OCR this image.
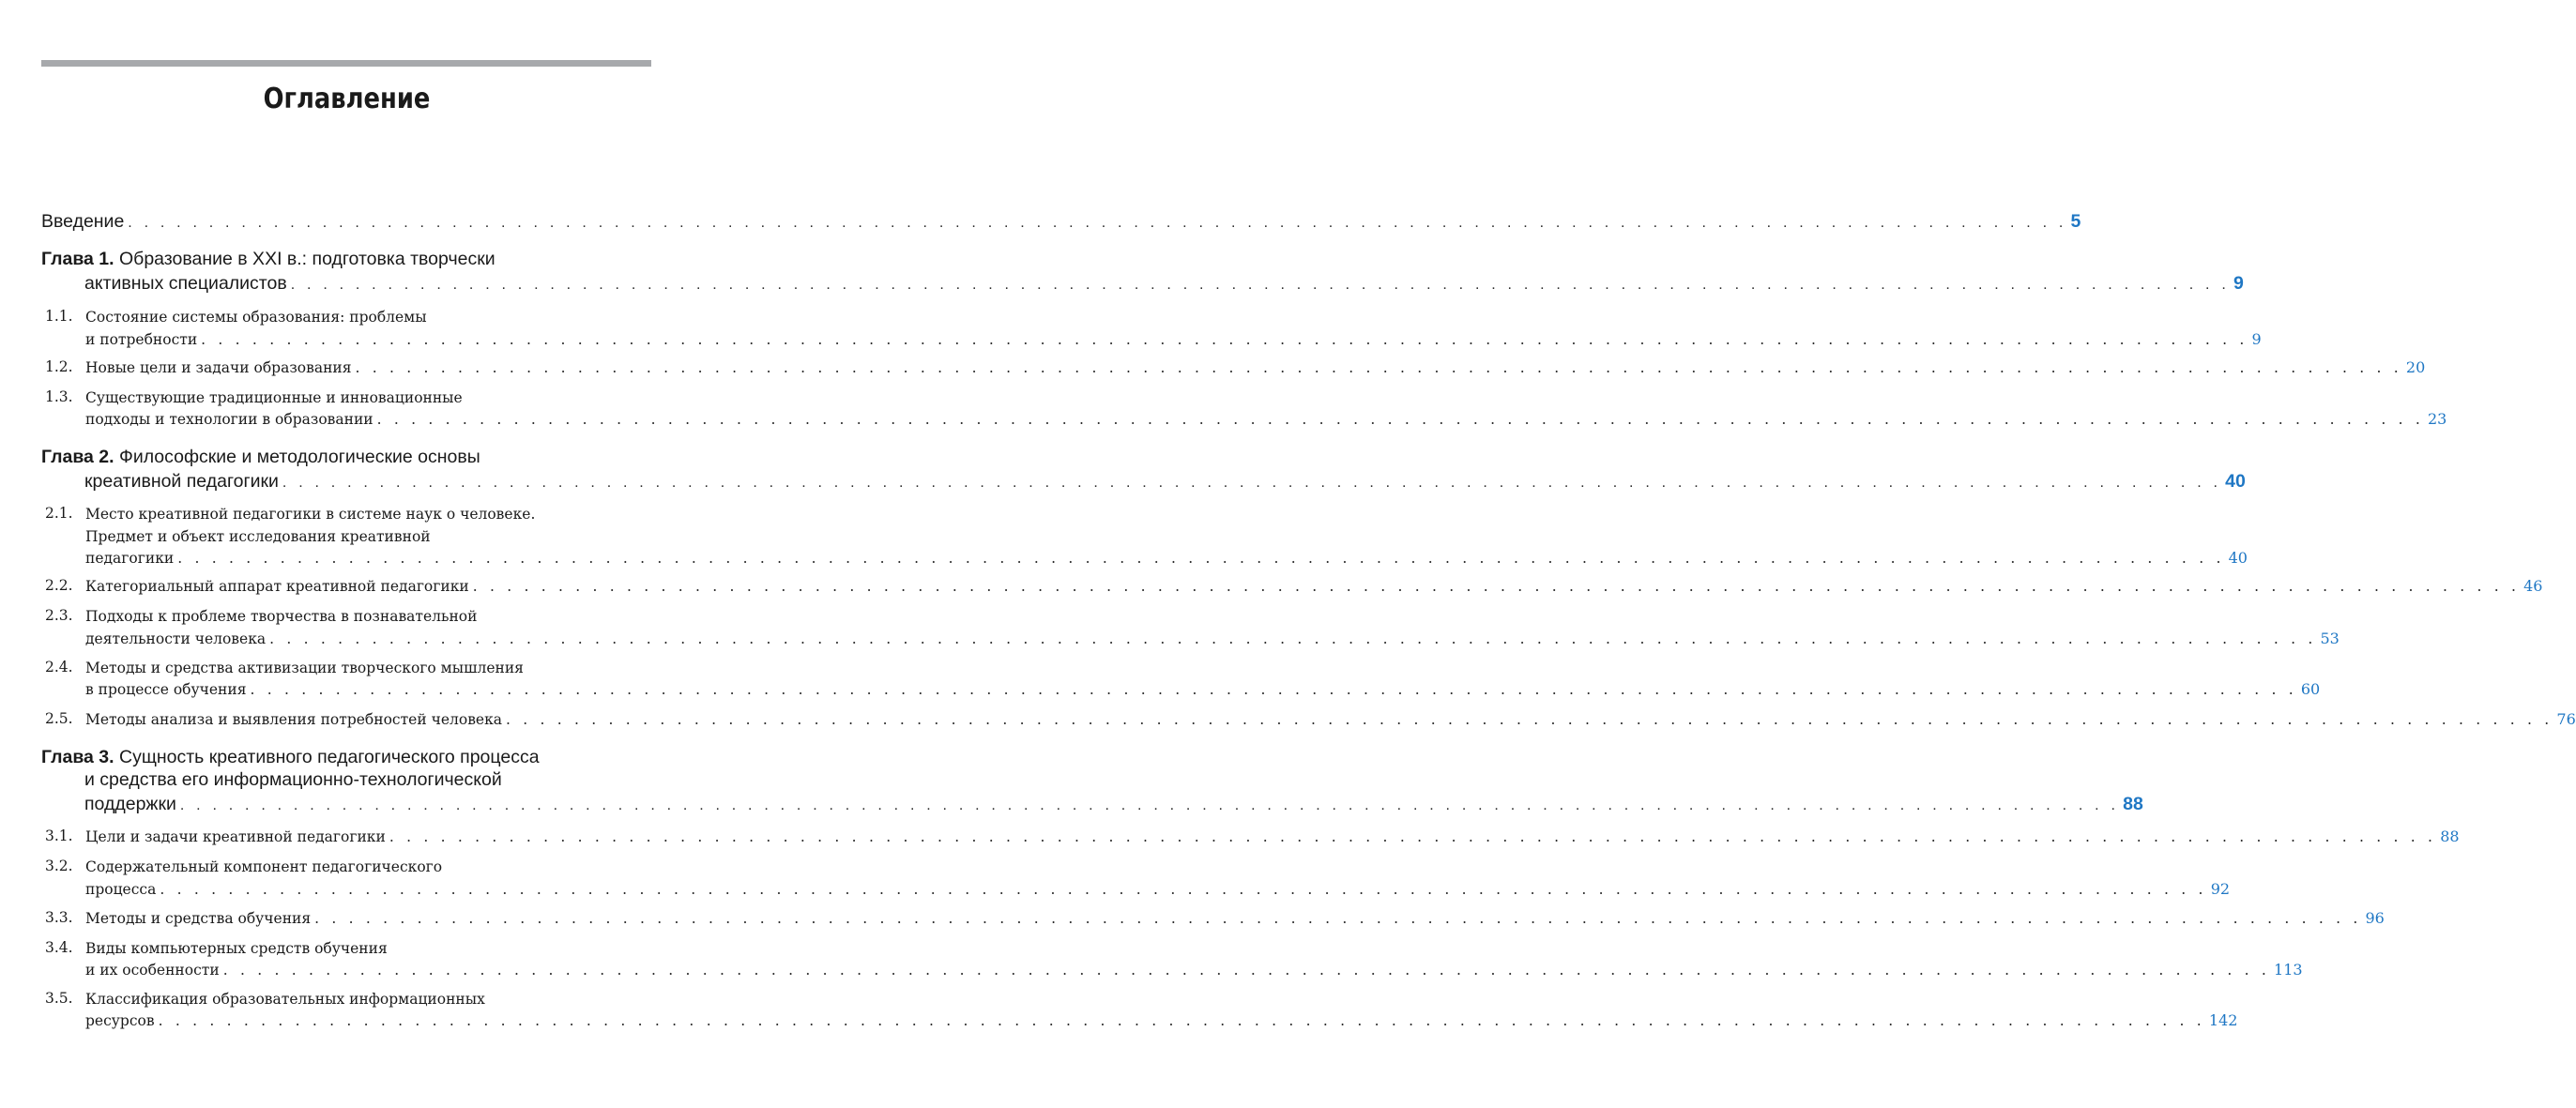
Оглавление
Введение . . . . . . . . . . . . . . . . . . . . . . . . . . . . . . . . . . . . . . . . . . . . . . . . . . . . . . . . . . . . . . . . . . . . . . . . . . . . . . . . . . . . . . . . . . . . . . . . . . . . . . . . . . . . . . . . . . . . . . . . 5
Глава 1. Образование в XXI в.: подготовка творчески
активных специалистов . . . . . . . . . . . . . . . . . . . . . . . . . . . . . . . . . . . . . . . . . . . . . . . . . . . . . . . . . . . . . . . . . . . . . . . . . . . . . . . . . . . . . . . . . . . . . . . . . . . . . . . . . . . . . . . . . . . . . . . . 9
1.1. Состояние системы образования: проблемы
и потребности . . . . . . . . . . . . . . . . . . . . . . . . . . . . . . . . . . . . . . . . . . . . . . . . . . . . . . . . . . . . . . . . . . . . . . . . . . . . . . . . . . . . . . . . . . . . . . . . . . . . . . . . . . . . . . . . . . . . . . . . 9
1.2. Новые цели и задачи образования . . . . . . . . . . . . . . . . . . . . . . . . . . . . . . . . . . . . . . . . . . . . . . . . . . . . . . . . . . . . . . . . . . . . . . . . . . . . . . . . . . . . . . . . . . . . . . . . . . . . . . . . . . . . . . . . . . . . . . . . 20
1.3. Существующие традиционные и инновационные
подходы и технологии в образовании . . . . . . . . . . . . . . . . . . . . . . . . . . . . . . . . . . . . . . . . . . . . . . . . . . . . . . . . . . . . . . . . . . . . . . . . . . . . . . . . . . . . . . . . . . . . . . . . . . . . . . . . . . . . . . . . . . . . . . . . 23
Глава 2. Философские и методологические основы
креативной педагогики . . . . . . . . . . . . . . . . . . . . . . . . . . . . . . . . . . . . . . . . . . . . . . . . . . . . . . . . . . . . . . . . . . . . . . . . . . . . . . . . . . . . . . . . . . . . . . . . . . . . . . . . . . . . . . . . . . . . . . . . 40
2.1. Место креативной педагогики в системе наук о человеке.
Предмет и объект исследования креативной
педагогики . . . . . . . . . . . . . . . . . . . . . . . . . . . . . . . . . . . . . . . . . . . . . . . . . . . . . . . . . . . . . . . . . . . . . . . . . . . . . . . . . . . . . . . . . . . . . . . . . . . . . . . . . . . . . . . . . . . . . . . . 40
2.2. Категориальный аппарат креативной педагогики . . . . . . . . . . . . . . . . . . . . . . . . . . . . . . . . . . . . . . . . . . . . . . . . . . . . . . . . . . . . . . . . . . . . . . . . . . . . . . . . . . . . . . . . . . . . . . . . . . . . . . . . . . . . . . . . . . . . . . . . 46
2.3. Подходы к проблеме творчества в познавательной
деятельности человека . . . . . . . . . . . . . . . . . . . . . . . . . . . . . . . . . . . . . . . . . . . . . . . . . . . . . . . . . . . . . . . . . . . . . . . . . . . . . . . . . . . . . . . . . . . . . . . . . . . . . . . . . . . . . . . . . . . . . . . . 53
2.4. Методы и средства активизации творческого мышления
в процессе обучения . . . . . . . . . . . . . . . . . . . . . . . . . . . . . . . . . . . . . . . . . . . . . . . . . . . . . . . . . . . . . . . . . . . . . . . . . . . . . . . . . . . . . . . . . . . . . . . . . . . . . . . . . . . . . . . . . . . . . . . . 60
2.5. Методы анализа и выявления потребностей человека . . . . . . . . . . . . . . . . . . . . . . . . . . . . . . . . . . . . . . . . . . . . . . . . . . . . . . . . . . . . . . . . . . . . . . . . . . . . . . . . . . . . . . . . . . . . . . . . . . . . . . . . . . . . . . . . . . . . . . . . 76
Глава 3. Сущность креативного педагогического процесса
и средства его информационно-технологической
поддержки . . . . . . . . . . . . . . . . . . . . . . . . . . . . . . . . . . . . . . . . . . . . . . . . . . . . . . . . . . . . . . . . . . . . . . . . . . . . . . . . . . . . . . . . . . . . . . . . . . . . . . . . . . . . . . . . . . . . . . . . 88
3.1. Цели и задачи креативной педагогики . . . . . . . . . . . . . . . . . . . . . . . . . . . . . . . . . . . . . . . . . . . . . . . . . . . . . . . . . . . . . . . . . . . . . . . . . . . . . . . . . . . . . . . . . . . . . . . . . . . . . . . . . . . . . . . . . . . . . . . . 88
3.2. Содержательный компонент педагогического
процесса . . . . . . . . . . . . . . . . . . . . . . . . . . . . . . . . . . . . . . . . . . . . . . . . . . . . . . . . . . . . . . . . . . . . . . . . . . . . . . . . . . . . . . . . . . . . . . . . . . . . . . . . . . . . . . . . . . . . . . . . 92
3.3. Методы и средства обучения . . . . . . . . . . . . . . . . . . . . . . . . . . . . . . . . . . . . . . . . . . . . . . . . . . . . . . . . . . . . . . . . . . . . . . . . . . . . . . . . . . . . . . . . . . . . . . . . . . . . . . . . . . . . . . . . . . . . . . . . 96
3.4. Виды компьютерных средств обучения
и их особенности . . . . . . . . . . . . . . . . . . . . . . . . . . . . . . . . . . . . . . . . . . . . . . . . . . . . . . . . . . . . . . . . . . . . . . . . . . . . . . . . . . . . . . . . . . . . . . . . . . . . . . . . . . . . . . . . . . . . . . . . 113
3.5. Классификация образовательных информационных
ресурсов . . . . . . . . . . . . . . . . . . . . . . . . . . . . . . . . . . . . . . . . . . . . . . . . . . . . . . . . . . . . . . . . . . . . . . . . . . . . . . . . . . . . . . . . . . . . . . . . . . . . . . . . . . . . . . . . . . . . . . . . 142
